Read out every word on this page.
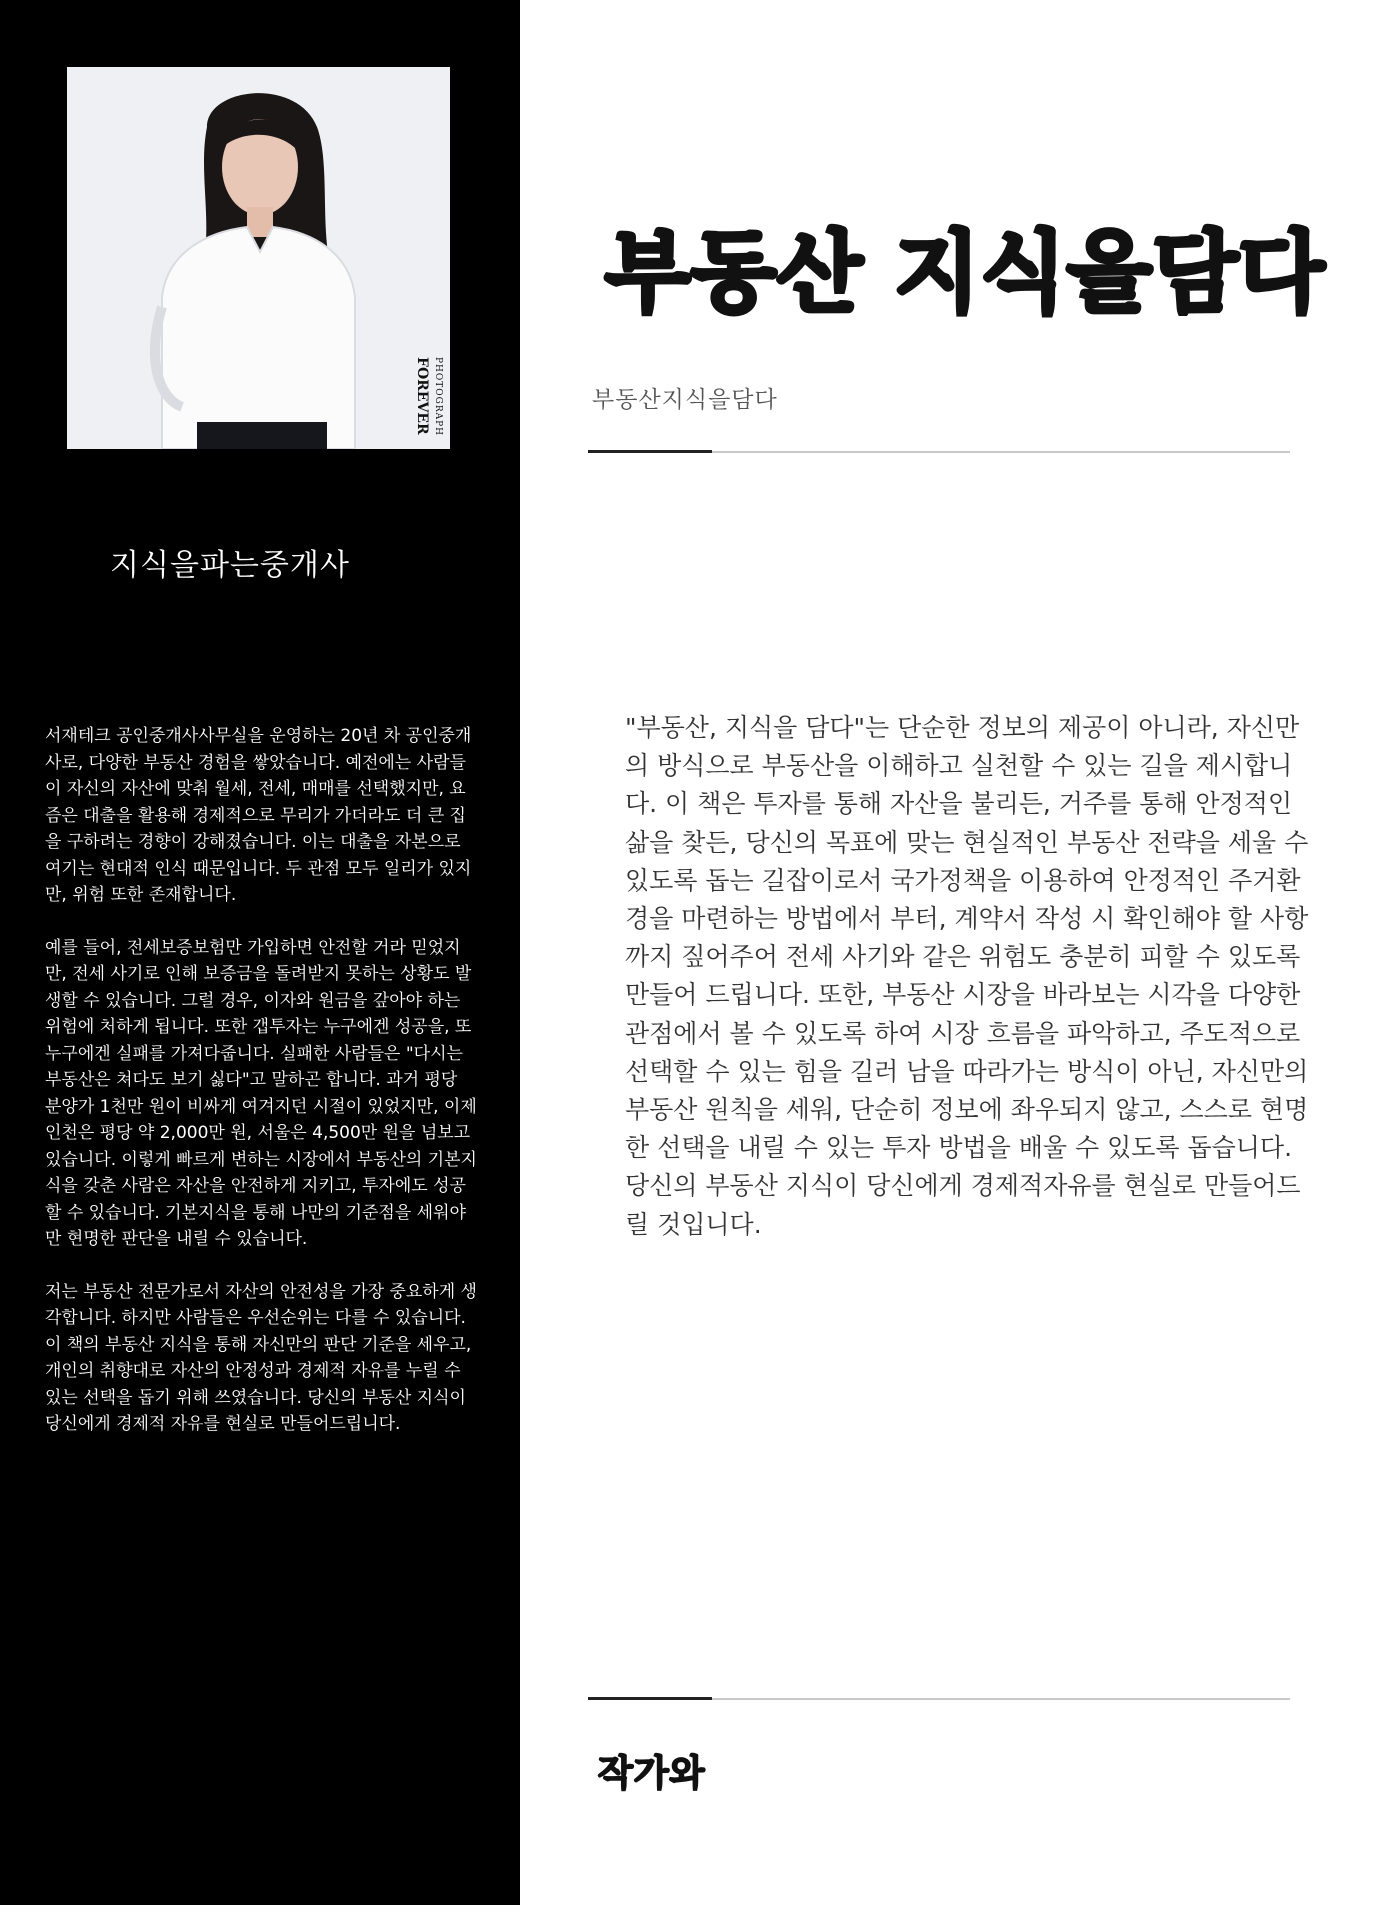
PHOTOGRAPH FOREVER
지식을파는중개사

서재테크 공인중개사사무실을 운영하는 20년 차 공인중개사로, 다양한 부동산 경험을 쌓았습니다. 예전에는 사람들이 자신의 자산에 맞춰 월세, 전세, 매매를 선택했지만, 요즘은 대출을 활용해 경제적으로 무리가 가더라도 더 큰 집을 구하려는 경향이 강해졌습니다. 이는 대출을 자본으로 여기는 현대적 인식 때문입니다. 두 관점 모두 일리가 있지만, 위험 또한 존재합니다.

예를 들어, 전세보증보험만 가입하면 안전할 거라 믿었지만, 전세 사기로 인해 보증금을 돌려받지 못하는 상황도 발생할 수 있습니다. 그럴 경우, 이자와 원금을 갚아야 하는 위험에 처하게 됩니다. 또한 갭투자는 누구에겐 성공을, 또 누구에겐 실패를 가져다줍니다. 실패한 사람들은 "다시는 부동산은 쳐다도 보기 싫다"고 말하곤 합니다. 과거 평당 분양가 1천만 원이 비싸게 여겨지던 시절이 있었지만, 이제 인천은 평당 약 2,000만 원, 서울은 4,500만 원을 넘보고 있습니다. 이렇게 빠르게 변하는 시장에서 부동산의 기본지식을 갖춘 사람은 자산을 안전하게 지키고, 투자에도 성공할 수 있습니다. 기본지식을 통해 나만의 기준점을 세워야만 현명한 판단을 내릴 수 있습니다.

저는 부동산 전문가로서 자산의 안전성을 가장 중요하게 생각합니다. 하지만 사람들은 우선순위는 다를 수 있습니다. 이 책의 부동산 지식을 통해 자신만의 판단 기준을 세우고, 개인의 취향대로 자산의 안정성과 경제적 자유를 누릴 수 있는 선택을 돕기 위해 쓰였습니다. 당신의 부동산 지식이 당신에게 경제적 자유를 현실로 만들어드립니다.

부동산 지식을담다
부동산지식을담다

"부동산, 지식을 담다"는 단순한 정보의 제공이 아니라, 자신만의 방식으로 부동산을 이해하고 실천할 수 있는 길을 제시합니다. 이 책은 투자를 통해 자산을 불리든, 거주를 통해 안정적인 삶을 찾든, 당신의 목표에 맞는 현실적인 부동산 전략을 세울 수 있도록 돕는 길잡이로서 국가정책을 이용하여 안정적인 주거환경을 마련하는 방법에서 부터, 계약서 작성 시 확인해야 할 사항까지 짚어주어 전세 사기와 같은 위험도 충분히 피할 수 있도록 만들어 드립니다. 또한, 부동산 시장을 바라보는 시각을 다양한 관점에서 볼 수 있도록 하여 시장 흐름을 파악하고, 주도적으로 선택할 수 있는 힘을 길러 남을 따라가는 방식이 아닌, 자신만의 부동산 원칙을 세워, 단순히 정보에 좌우되지 않고, 스스로 현명한 선택을 내릴 수 있는 투자 방법을 배울 수 있도록 돕습니다. 당신의 부동산 지식이 당신에게 경제적자유를 현실로 만들어드릴 것입니다.

작가와
